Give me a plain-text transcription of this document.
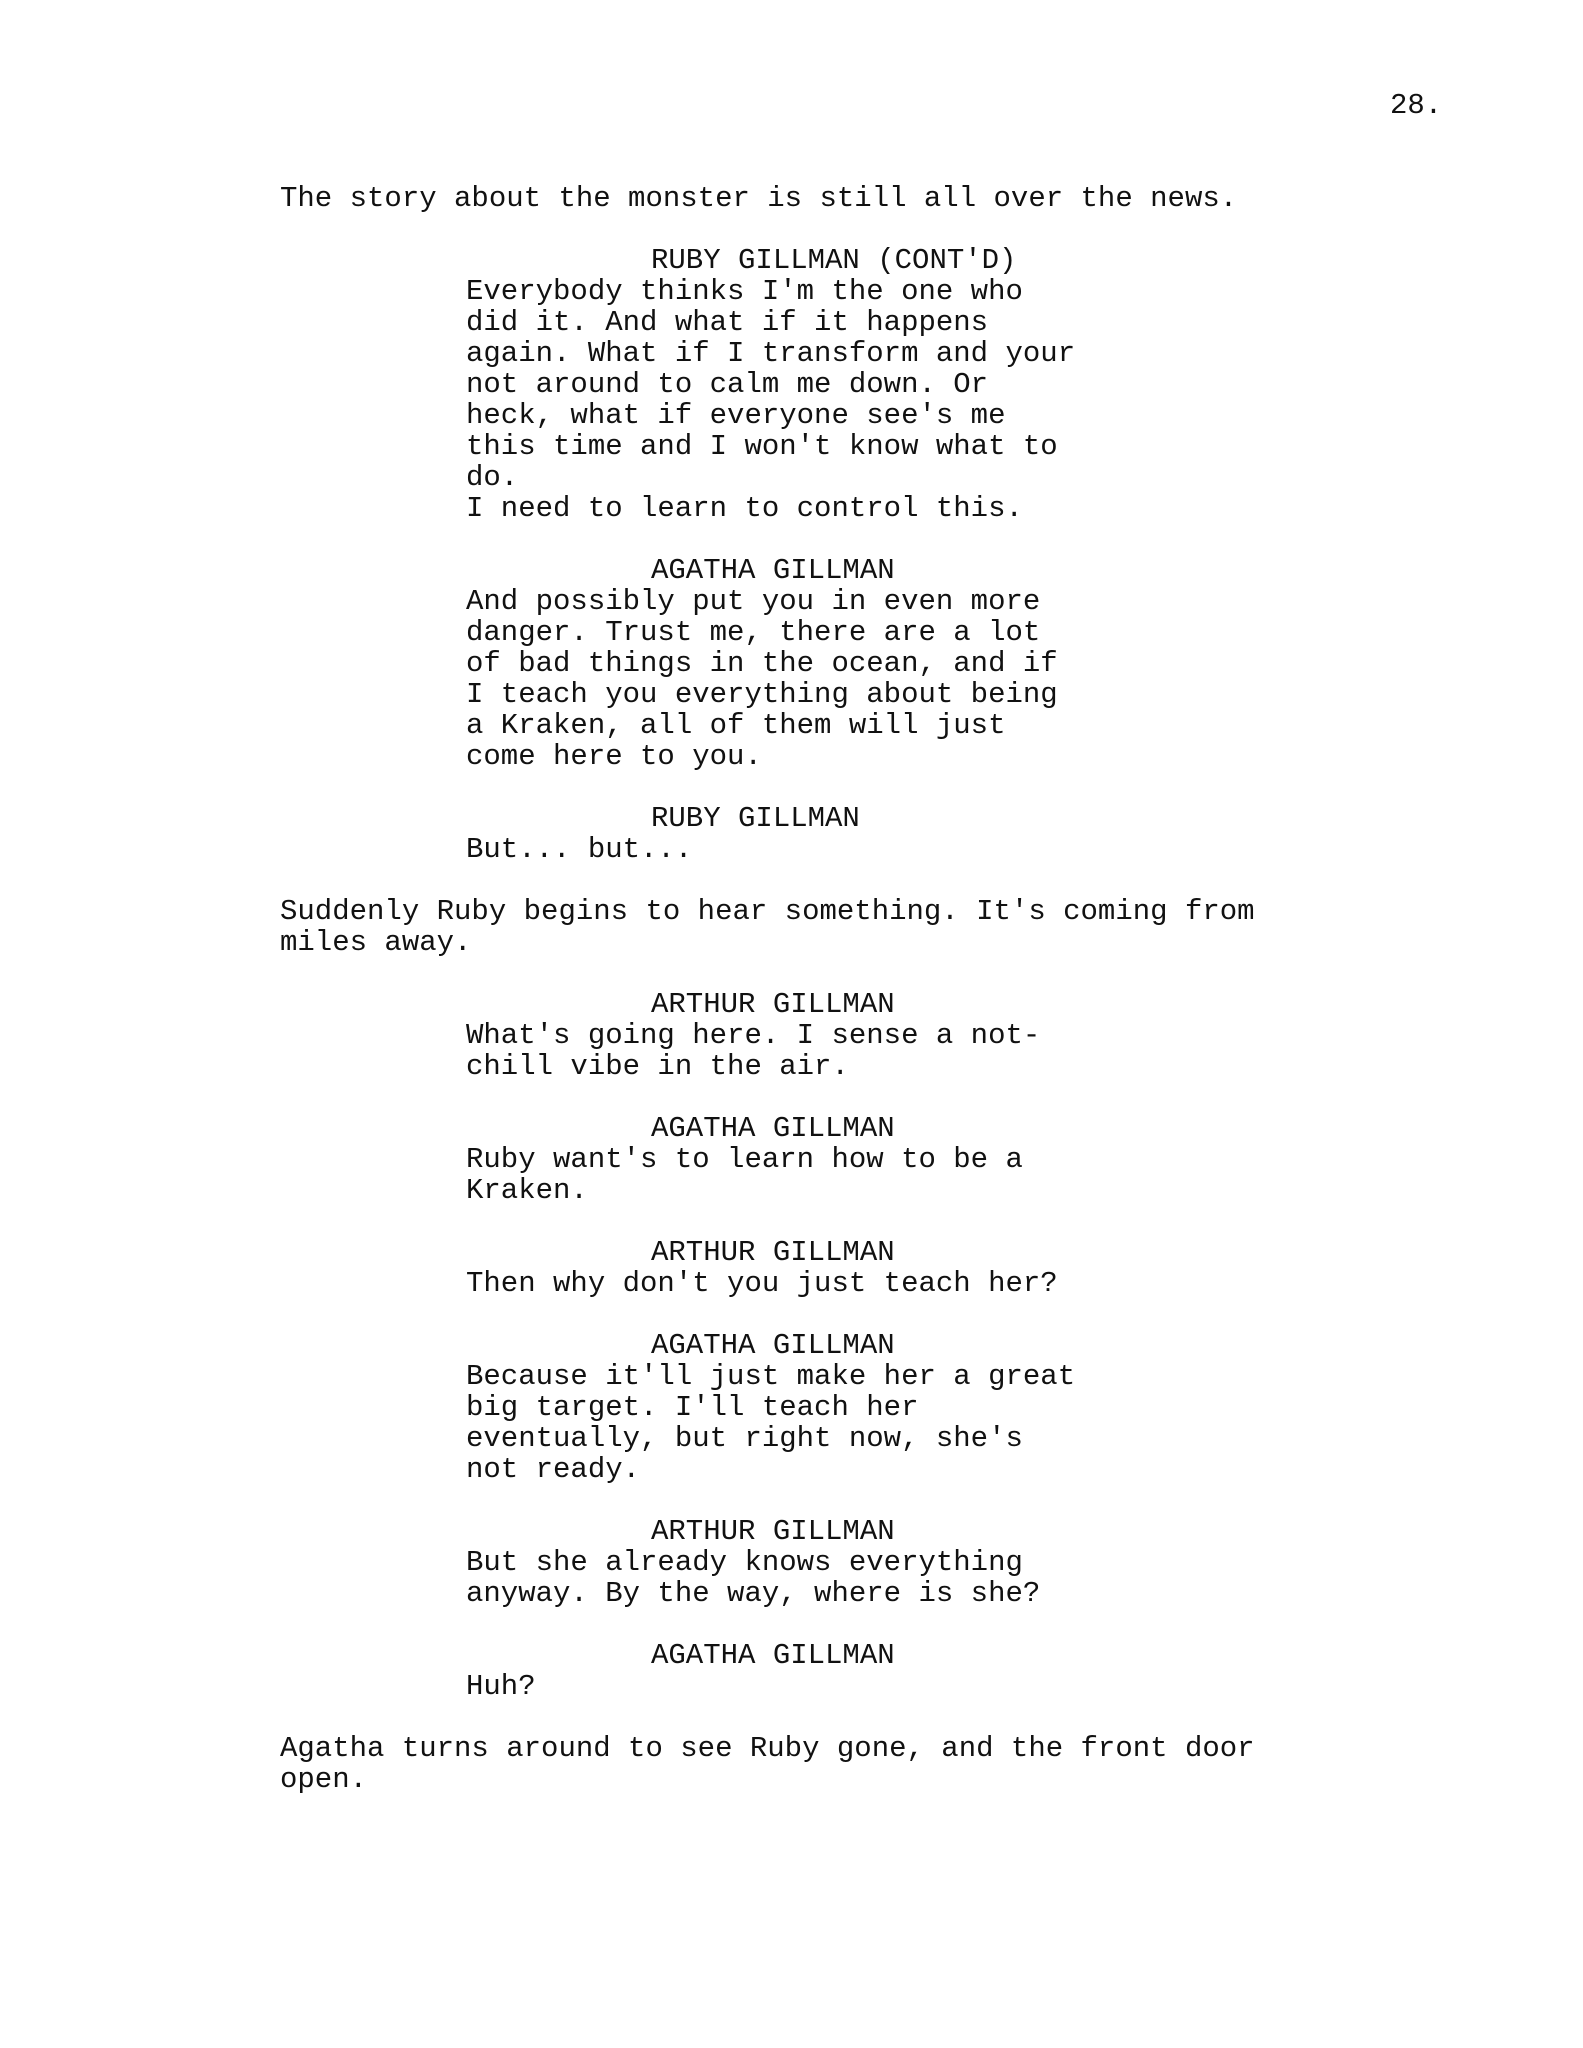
28.
The story about the monster is still all over the news.
RUBY GILLMAN (CONT'D)
Everybody thinks I'm the one who
did it. And what if it happens
again. What if I transform and your
not around to calm me down. Or
heck, what if everyone see's me
this time and I won't know what to
do.
I need to learn to control this.
AGATHA GILLMAN
And possibly put you in even more
danger. Trust me, there are a lot
of bad things in the ocean, and if
I teach you everything about being
a Kraken, all of them will just
come here to you.
RUBY GILLMAN
But... but...
Suddenly Ruby begins to hear something. It's coming from
miles away.
ARTHUR GILLMAN
What's going here. I sense a not-
chill vibe in the air.
AGATHA GILLMAN
Ruby want's to learn how to be a
Kraken.
ARTHUR GILLMAN
Then why don't you just teach her?
AGATHA GILLMAN
Because it'll just make her a great
big target. I'll teach her
eventually, but right now, she's
not ready.
ARTHUR GILLMAN
But she already knows everything
anyway. By the way, where is she?
AGATHA GILLMAN
Huh?
Agatha turns around to see Ruby gone, and the front door
open.
